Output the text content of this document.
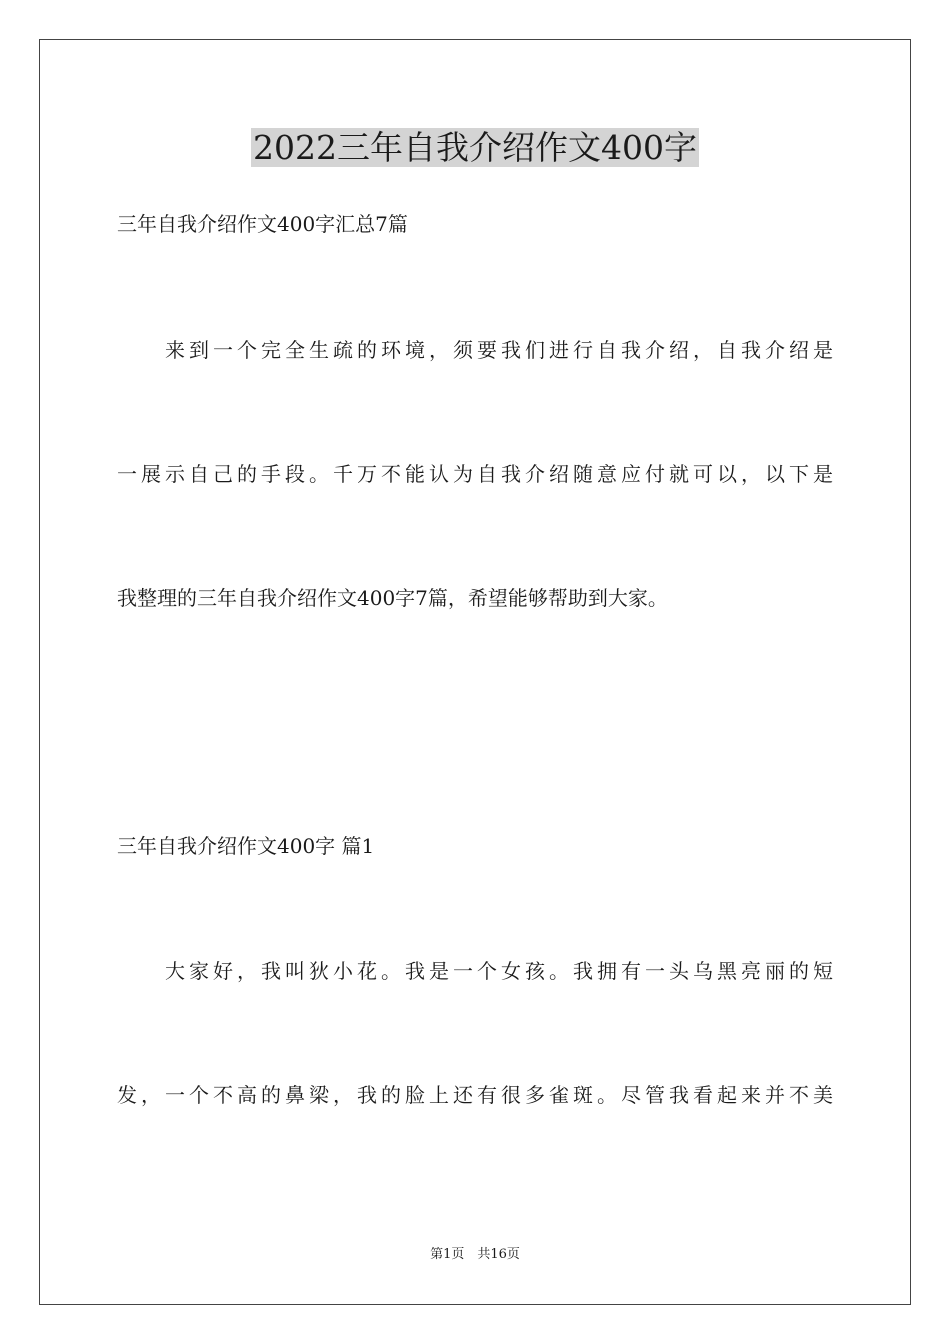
2022三年自我介绍作文400字
三年自我介绍作文400字汇总7篇
来到一个完全生疏的环境，须要我们进行自我介绍，自我介绍是
一展示自己的手段。千万不能认为自我介绍随意应付就可以，以下是
我整理的三年自我介绍作文400字7篇，希望能够帮助到大家。
三年自我介绍作文400字 篇1
大家好，我叫狄小花。我是一个女孩。我拥有一头乌黑亮丽的短
发，一个不高的鼻梁，我的脸上还有很多雀斑。尽管我看起来并不美
第1页　共16页
